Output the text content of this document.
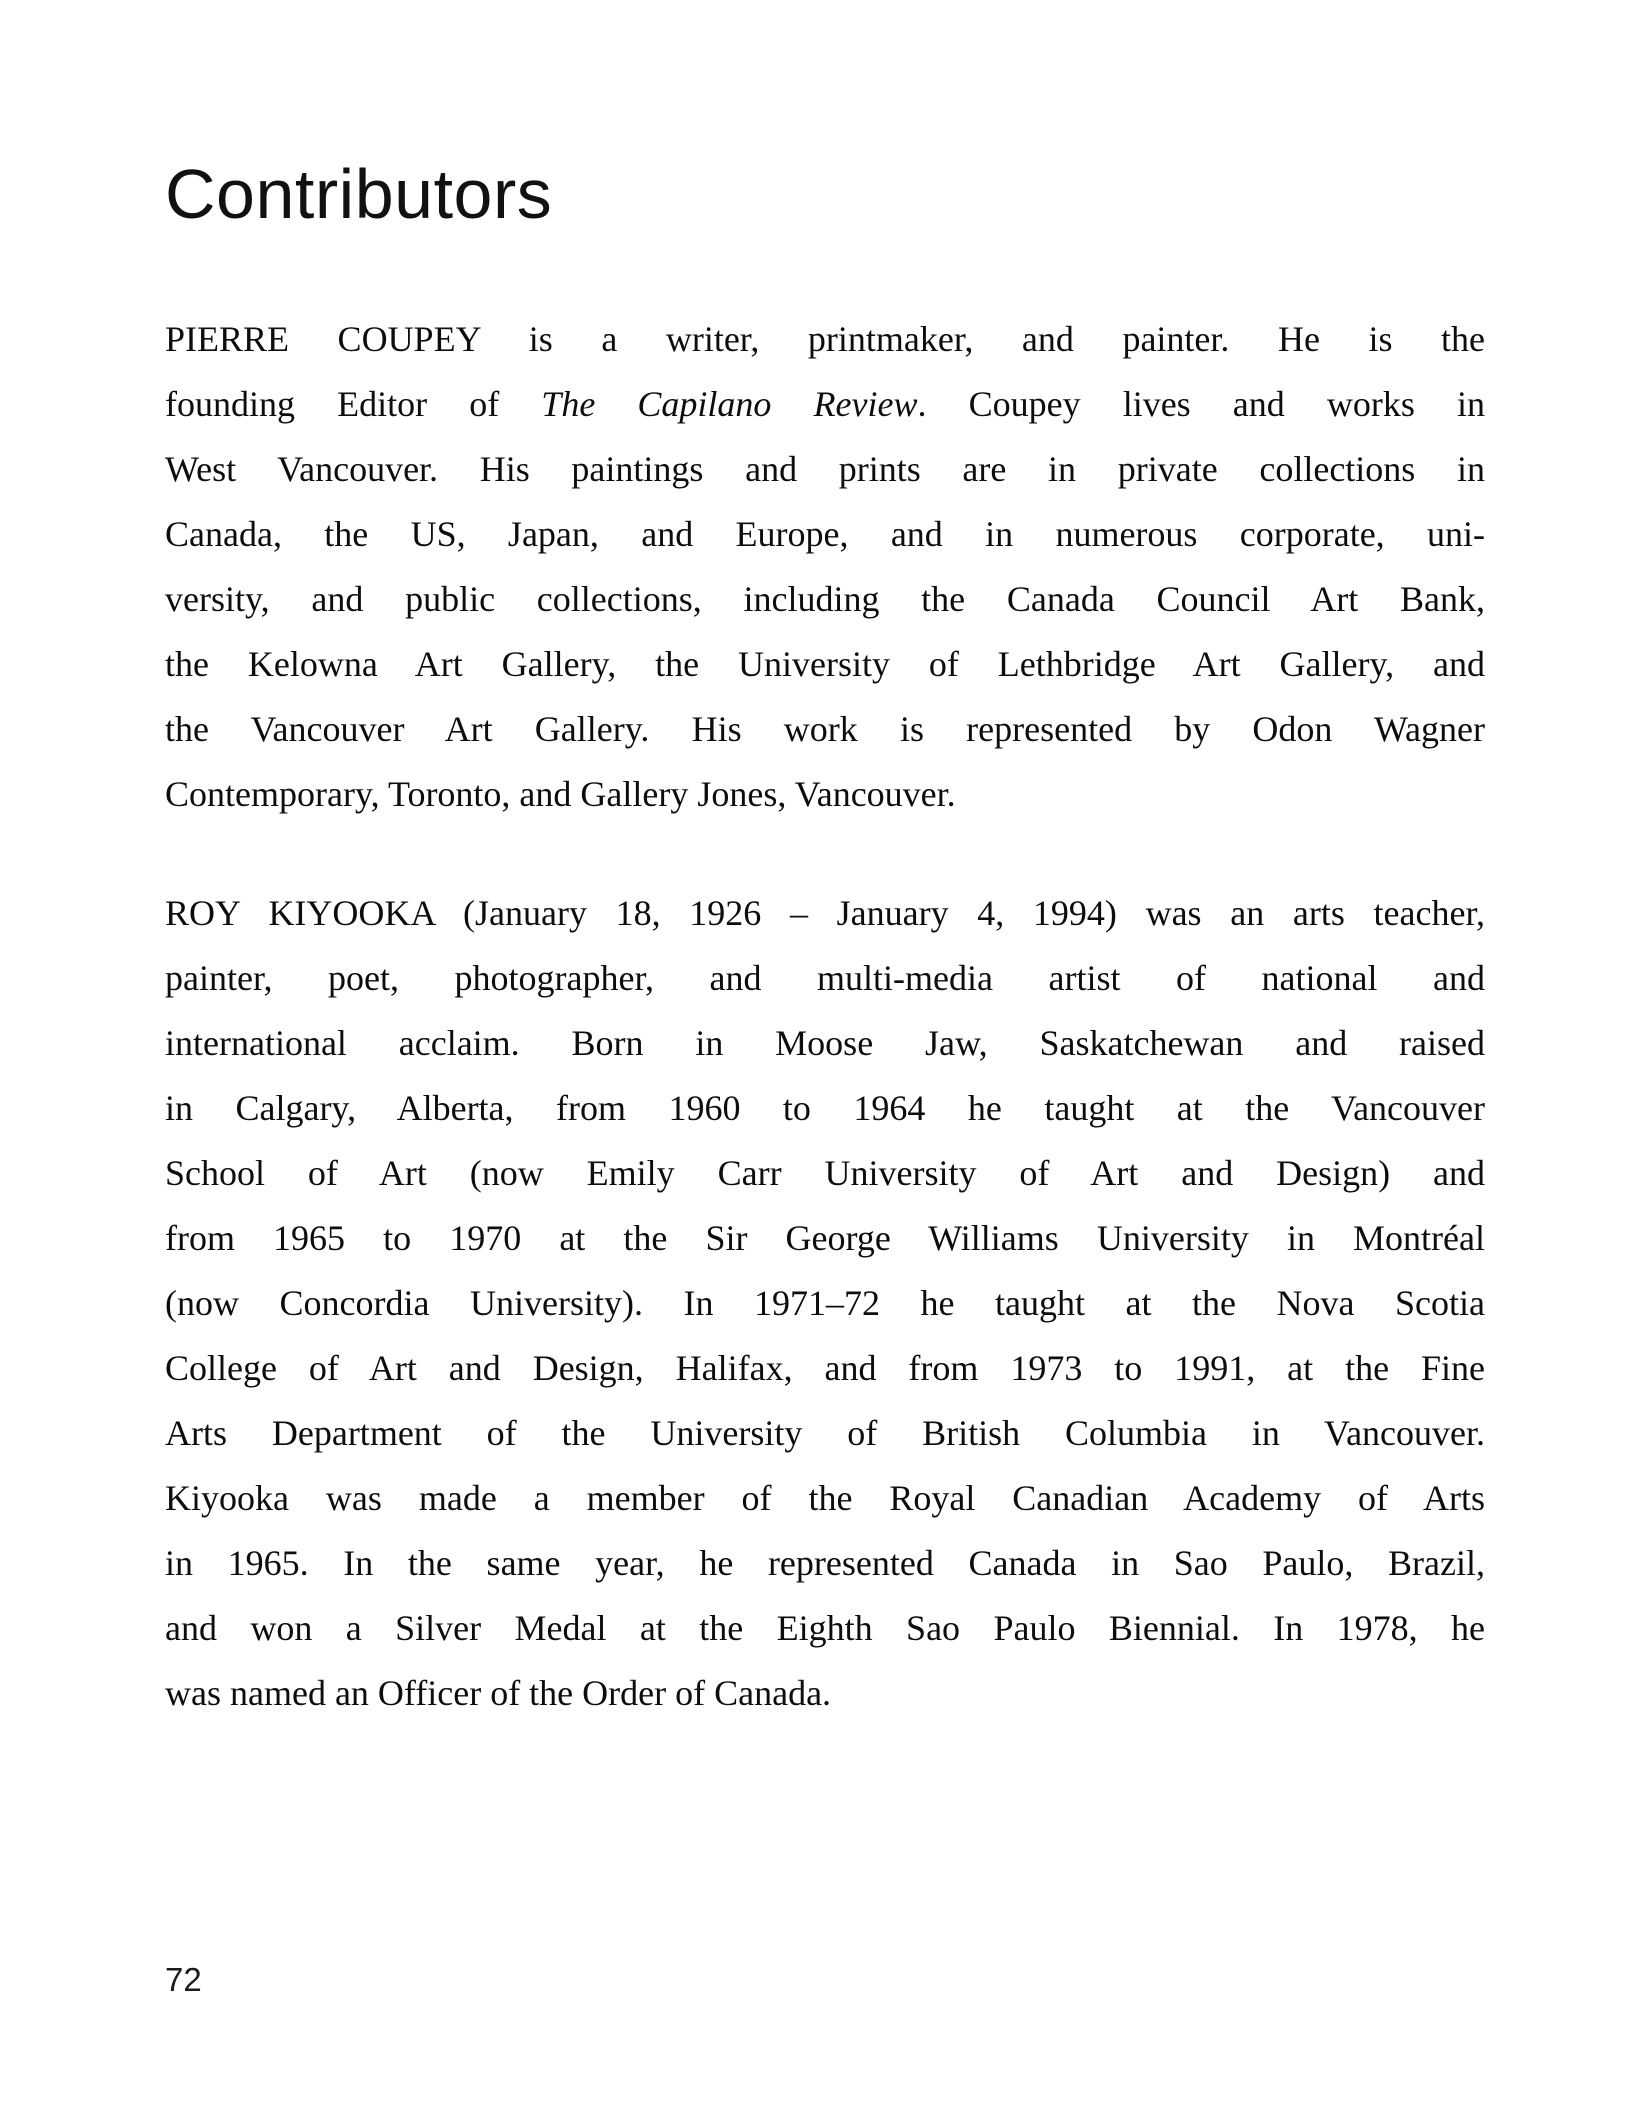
Contributors
PIERRE COUPEY is a writer, printmaker, and painter. He is the
founding Editor of The Capilano Review. Coupey lives and works in
West Vancouver. His paintings and prints are in private collections in
Canada, the US, Japan, and Europe, and in numerous corporate, uni-
versity, and public collections, including the Canada Council Art Bank,
the Kelowna Art Gallery, the University of Lethbridge Art Gallery, and
the Vancouver Art Gallery. His work is represented by Odon Wagner
Contemporary, Toronto, and Gallery Jones, Vancouver.
ROY KIYOOKA (January 18, 1926 – January 4, 1994) was an arts teacher,
painter, poet, photographer, and multi-media artist of national and
international acclaim. Born in Moose Jaw, Saskatchewan and raised
in Calgary, Alberta, from 1960 to 1964 he taught at the Vancouver
School of Art (now Emily Carr University of Art and Design) and
from 1965 to 1970 at the Sir George Williams University in Montréal
(now Concordia University). In 1971–72 he taught at the Nova Scotia
College of Art and Design, Halifax, and from 1973 to 1991, at the Fine
Arts Department of the University of British Columbia in Vancouver.
Kiyooka was made a member of the Royal Canadian Academy of Arts
in 1965. In the same year, he represented Canada in Sao Paulo, Brazil,
and won a Silver Medal at the Eighth Sao Paulo Biennial. In 1978, he
was named an Officer of the Order of Canada.
72
